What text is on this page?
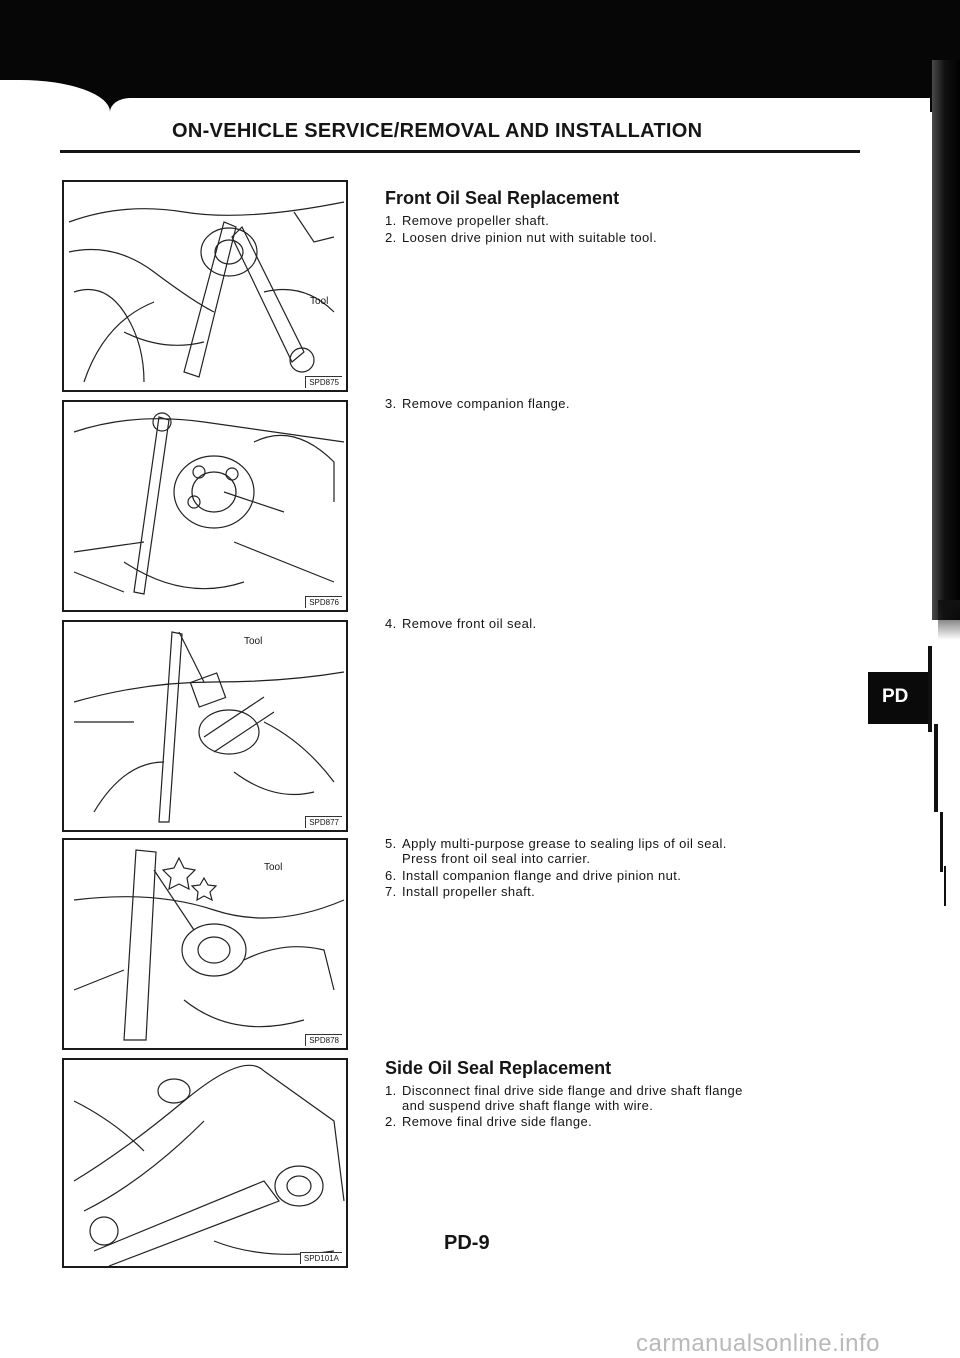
ON-VEHICLE SERVICE/REMOVAL AND INSTALLATION
Tool
SPD875
SPD876
Tool
SPD877
Tool
SPD878
SPD101A
Front Oil Seal Replacement
1. Remove propeller shaft.
2. Loosen drive pinion nut with suitable tool.
3. Remove companion flange.
4. Remove front oil seal.
5. Apply multi-purpose grease to sealing lips of oil seal.
Press front oil seal into carrier.
6. Install companion flange and drive pinion nut.
7. Install propeller shaft.
Side Oil Seal Replacement
1. Disconnect final drive side flange and drive shaft flange
and suspend drive shaft flange with wire.
2. Remove final drive side flange.
PD
PD-9
carmanualsonline.info
